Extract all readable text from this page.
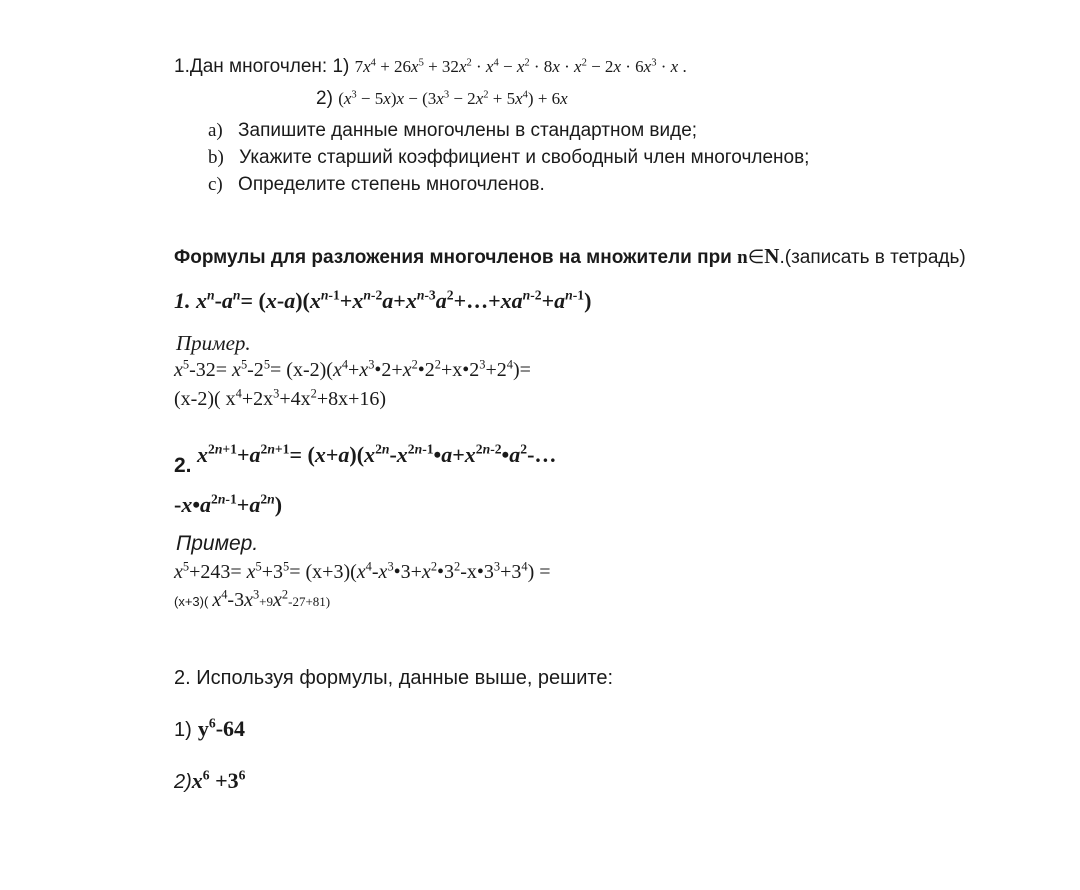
1.Дан многочлен: 1) $7x^4 + 26x^5 + 32x^2 \cdot x^4 - x^2 \cdot 8x \cdot x^2 - 2x \cdot 6x^3 \cdot x$ .
2) $(x^3 - 5x)x - (3x^3 - 2x^2 + 5x^4) + 6x$
a) Запишите данные многочлены в стандартном виде;
b) Укажите старший коэффициент и свободный член многочленов;
c) Определите степень многочленов.
Формулы для разложения многочленов на множители при n∈N.(записать в тетрадь)
1. $x^n-a^n=$ $(x-a)(x^{n-1}+x^{n-2}a+x^{n-3}a^2+\dots+xa^{n-2}+a^{n-1})$
Пример.
$x^5-32= x^5-2^5=$ $(x-2)(x^4+x^3•2+x^2•2^2+x•2^3+2^4)=$
(x-2)( $x^4+2x^3+4x^2+8x+16$)
2. $x^{2n+1}+a^{2n+1}=$ $(x+a)(x^{2n}-x^{2n-1}•a+x^{2n-2}•a^2-\dots$
$-x•a^{2n-1}+a^{2n}$)
Пример.
$x^5+243= x^5+3^5=$ $(x+3)(x^4-x^3•3+x^2•3^2-x•3^3+3^4)$ =
(x+3)( $x^4-3x^3+9x^2-27+81$)
2. Используя формулы, данные выше, решите:
1) $y^6-64$
$2)x^6 +3^6$
